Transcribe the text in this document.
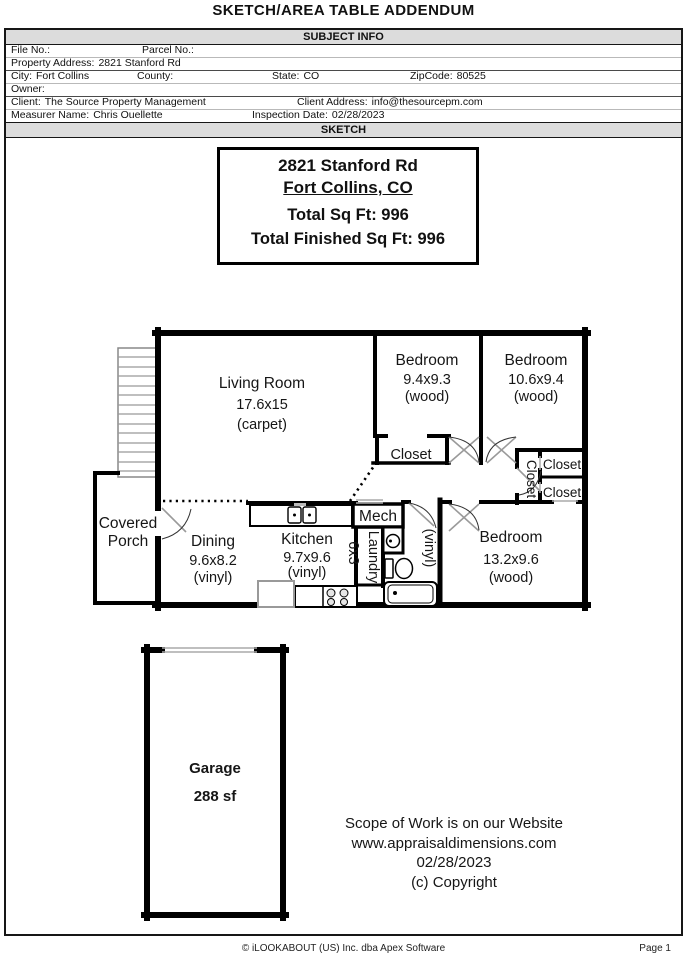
SKETCH/AREA TABLE ADDENDUM
SUBJECT INFO
File No.:	Parcel No.:
Property Address: 2821 Stanford Rd
City: Fort Collins	County:	State: CO	ZipCode: 80525
Owner:
Client: The Source Property Management	Client Address: info@thesourcepm.com
Measurer Name: Chris Ouellette	Inspection Date: 02/28/2023
SKETCH
2821 Stanford Rd
Fort Collins, CO
Total Sq Ft: 996
Total Finished Sq Ft: 996
Living Room
17.6x15
(carpet)
Bedroom
9.4x9.3
(wood)
Bedroom
10.6x9.4
(wood)
Bedroom
13.2x9.6
(wood)
Dining
9.6x8.2
(vinyl)
Kitchen
9.7x9.6
(vinyl)
Mech
6x3 Laundry	(vinyl)
Closet
Closet Closet
Closet
Covered
Porch
Garage
288 sf
Scope of Work is on our Website
www.appraisaldimensions.com
02/28/2023
(c) Copyright
© iLOOKABOUT (US) Inc. dba Apex Software	Page 1
